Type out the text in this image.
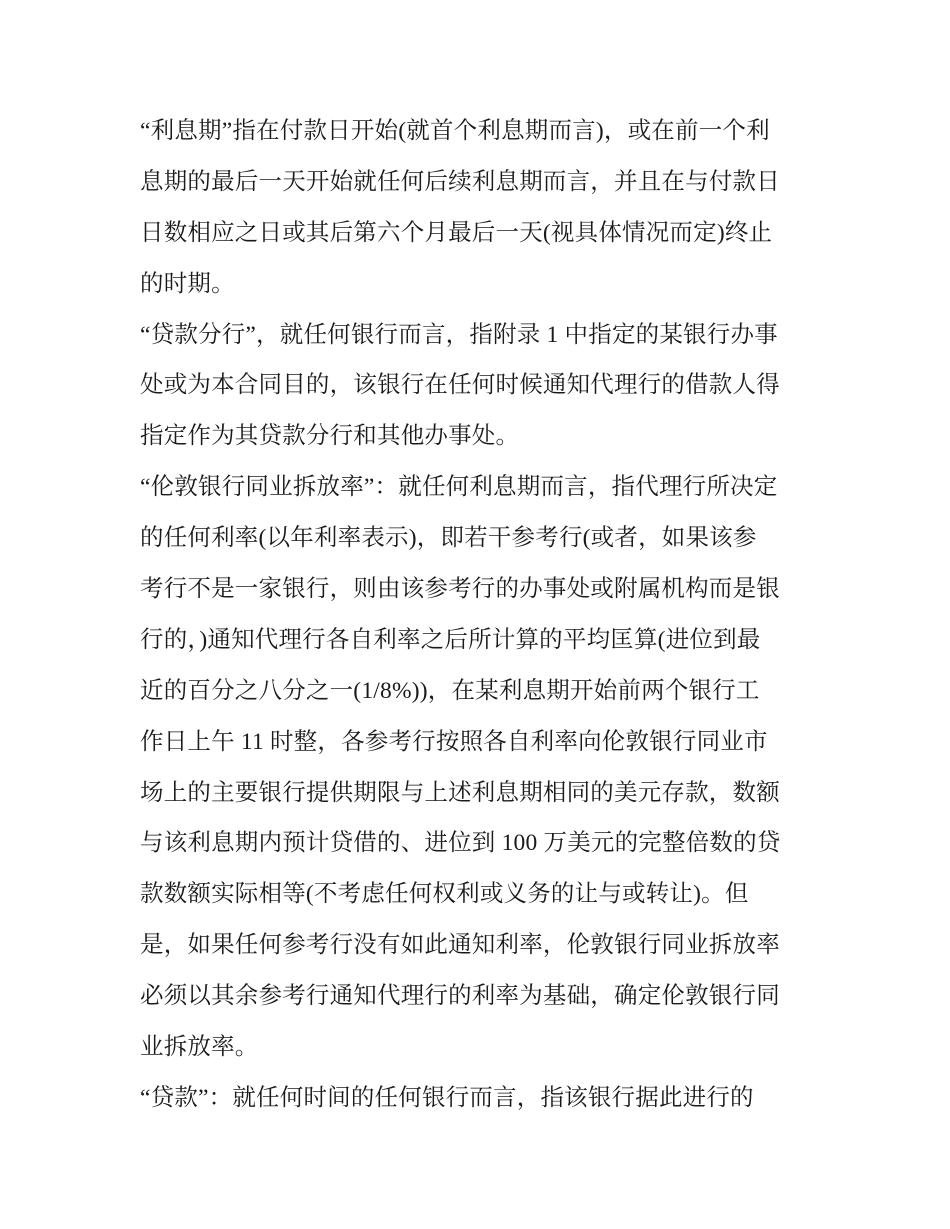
“利息期”指在付款日开始(就首个利息期而言)，或在前一个利
息期的最后一天开始就任何后续利息期而言，并且在与付款日
日数相应之日或其后第六个月最后一天(视具体情况而定)终止
的时期。

“贷款分行”，就任何银行而言，指附录 1 中指定的某银行办事
处或为本合同目的，该银行在任何时候通知代理行的借款人得
指定作为其贷款分行和其他办事处。

“伦敦银行同业拆放率”：就任何利息期而言，指代理行所决定
的任何利率(以年利率表示)，即若干参考行(或者，如果该参
考行不是一家银行，则由该参考行的办事处或附属机构而是银
行的，)通知代理行各自利率之后所计算的平均匡算(进位到最
近的百分之八分之一(1/8%))，在某利息期开始前两个银行工
作日上午 11 时整，各参考行按照各自利率向伦敦银行同业市
场上的主要银行提供期限与上述利息期相同的美元存款，数额
与该利息期内预计贷借的、进位到 100 万美元的完整倍数的贷
款数额实际相等(不考虑任何权利或义务的让与或转让)。但
是，如果任何参考行没有如此通知利率，伦敦银行同业拆放率
必须以其余参考行通知代理行的利率为基础，确定伦敦银行同
业拆放率。

“贷款”：就任何时间的任何银行而言，指该银行据此进行的
